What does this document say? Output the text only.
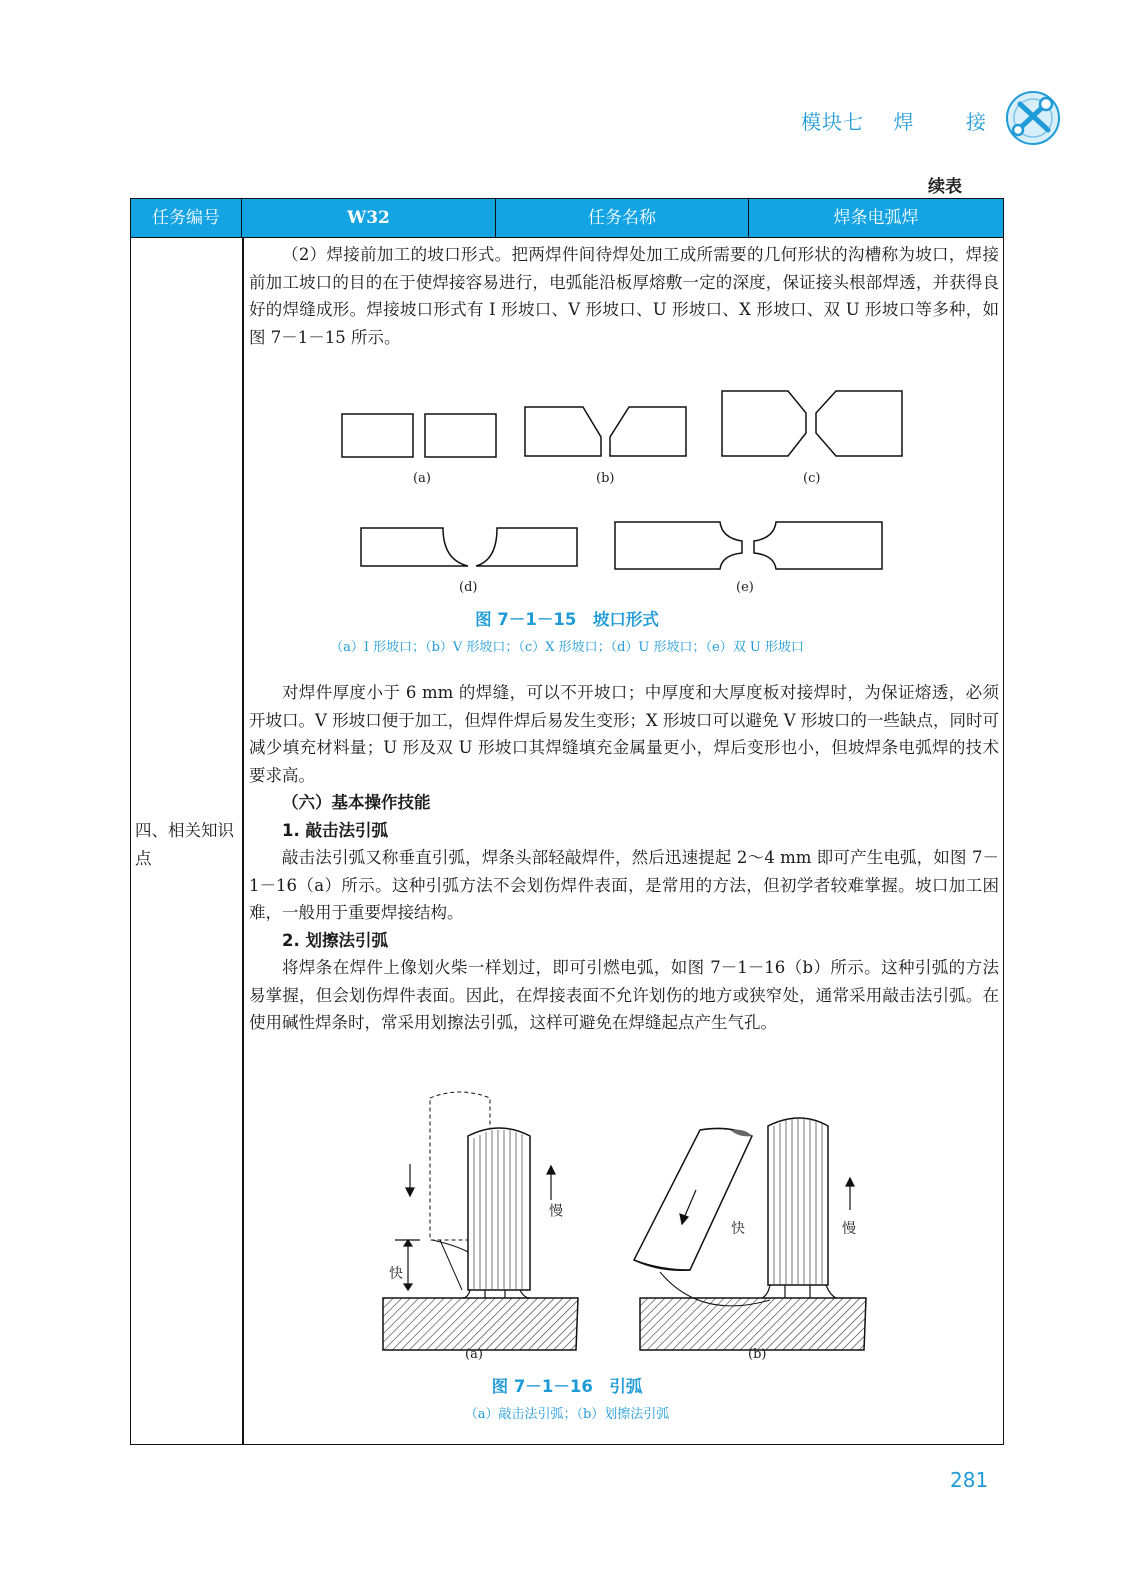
模块七 焊	接
续表
任务编号	W32	任务名称	焊条电弧焊
四、相关知识点

（2）焊接前加工的坡口形式。把两焊件间待焊处加工成所需要的几何形状的沟槽称为坡口，焊接前加工坡口的目的在于使焊接容易进行，电弧能沿板厚熔敷一定的深度，保证接头根部焊透，并获得良好的焊缝成形。焊接坡口形式有 I 形坡口、V 形坡口、U 形坡口、X 形坡口、双 U 形坡口等多种，如图 7－1－15 所示。

对焊件厚度小于 6 mm 的焊缝，可以不开坡口；中厚度和大厚度板对接焊时，为保证熔透，必须开坡口。V 形坡口便于加工，但焊件焊后易发生变形；X 形坡口可以避免 V 形坡口的一些缺点，同时可减少填充材料量；U 形及双 U 形坡口其焊缝填充金属量更小，焊后变形也小，但坡焊条电弧焊的技术要求高。

（六）基本操作技能
1. 敲击法引弧

敲击法引弧又称垂直引弧，焊条头部轻敲焊件，然后迅速提起 2～4 mm 即可产生电弧，如图 7－1－16（a）所示。这种引弧方法不会划伤焊件表面，是常用的方法，但初学者较难掌握。坡口加工困难，一般用于重要焊接结构。

2. 划擦法引弧

将焊条在焊件上像划火柴一样划过，即可引燃电弧，如图 7－1－16（b）所示。这种引弧的方法易掌握，但会划伤焊件表面。因此，在焊接表面不允许划伤的地方或狭窄处，通常采用敲击法引弧。在使用碱性焊条时，常采用划擦法引弧，这样可避免在焊缝起点产生气孔。

(a)	(b)	(c)
(d)	(e)
图 7－1－15　坡口形式
（a）I 形坡口；（b）V 形坡口；（c）X 形坡口；（d）U 形坡口；（e）双 U 形坡口
慢
快
快	慢
(a)	(b)
图 7－1－16　引弧
（a）敲击法引弧；（b）划擦法引弧
281
